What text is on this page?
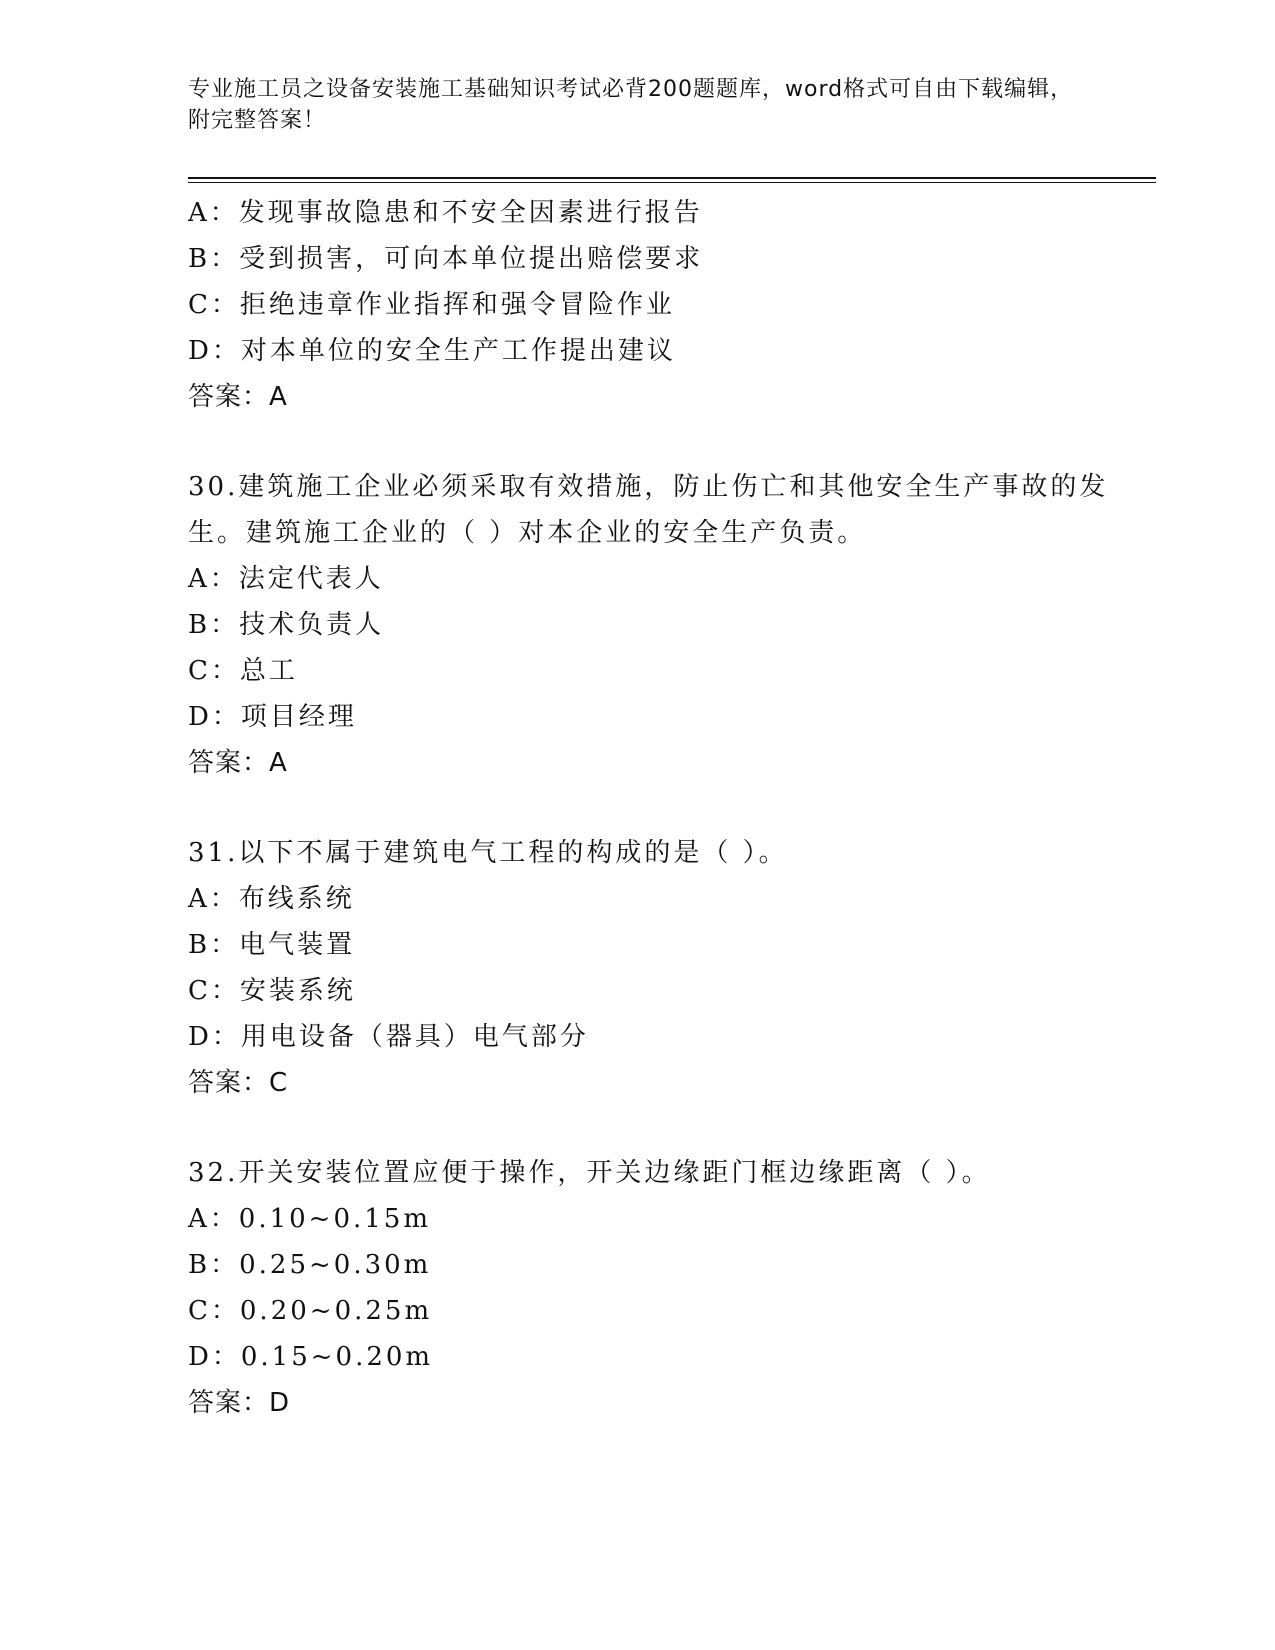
专业施工员之设备安装施工基础知识考试必背200题题库，word格式可自由下载编辑，附完整答案！
A：发现事故隐患和不安全因素进行报告
B：受到损害，可向本单位提出赔偿要求
C：拒绝违章作业指挥和强令冒险作业
D：对本单位的安全生产工作提出建议
答案：A
30.建筑施工企业必须采取有效措施，防止伤亡和其他安全生产事故的发生。建筑施工企业的（ ）对本企业的安全生产负责。
A：法定代表人
B：技术负责人
C：总工
D：项目经理
答案：A
31.以下不属于建筑电气工程的构成的是（ ）。
A：布线系统
B：电气装置
C：安装系统
D：用电设备（器具）电气部分
答案：C
32.开关安装位置应便于操作，开关边缘距门框边缘距离（ ）。
A：0.10~0.15m
B：0.25~0.30m
C：0.20~0.25m
D：0.15~0.20m
答案：D
